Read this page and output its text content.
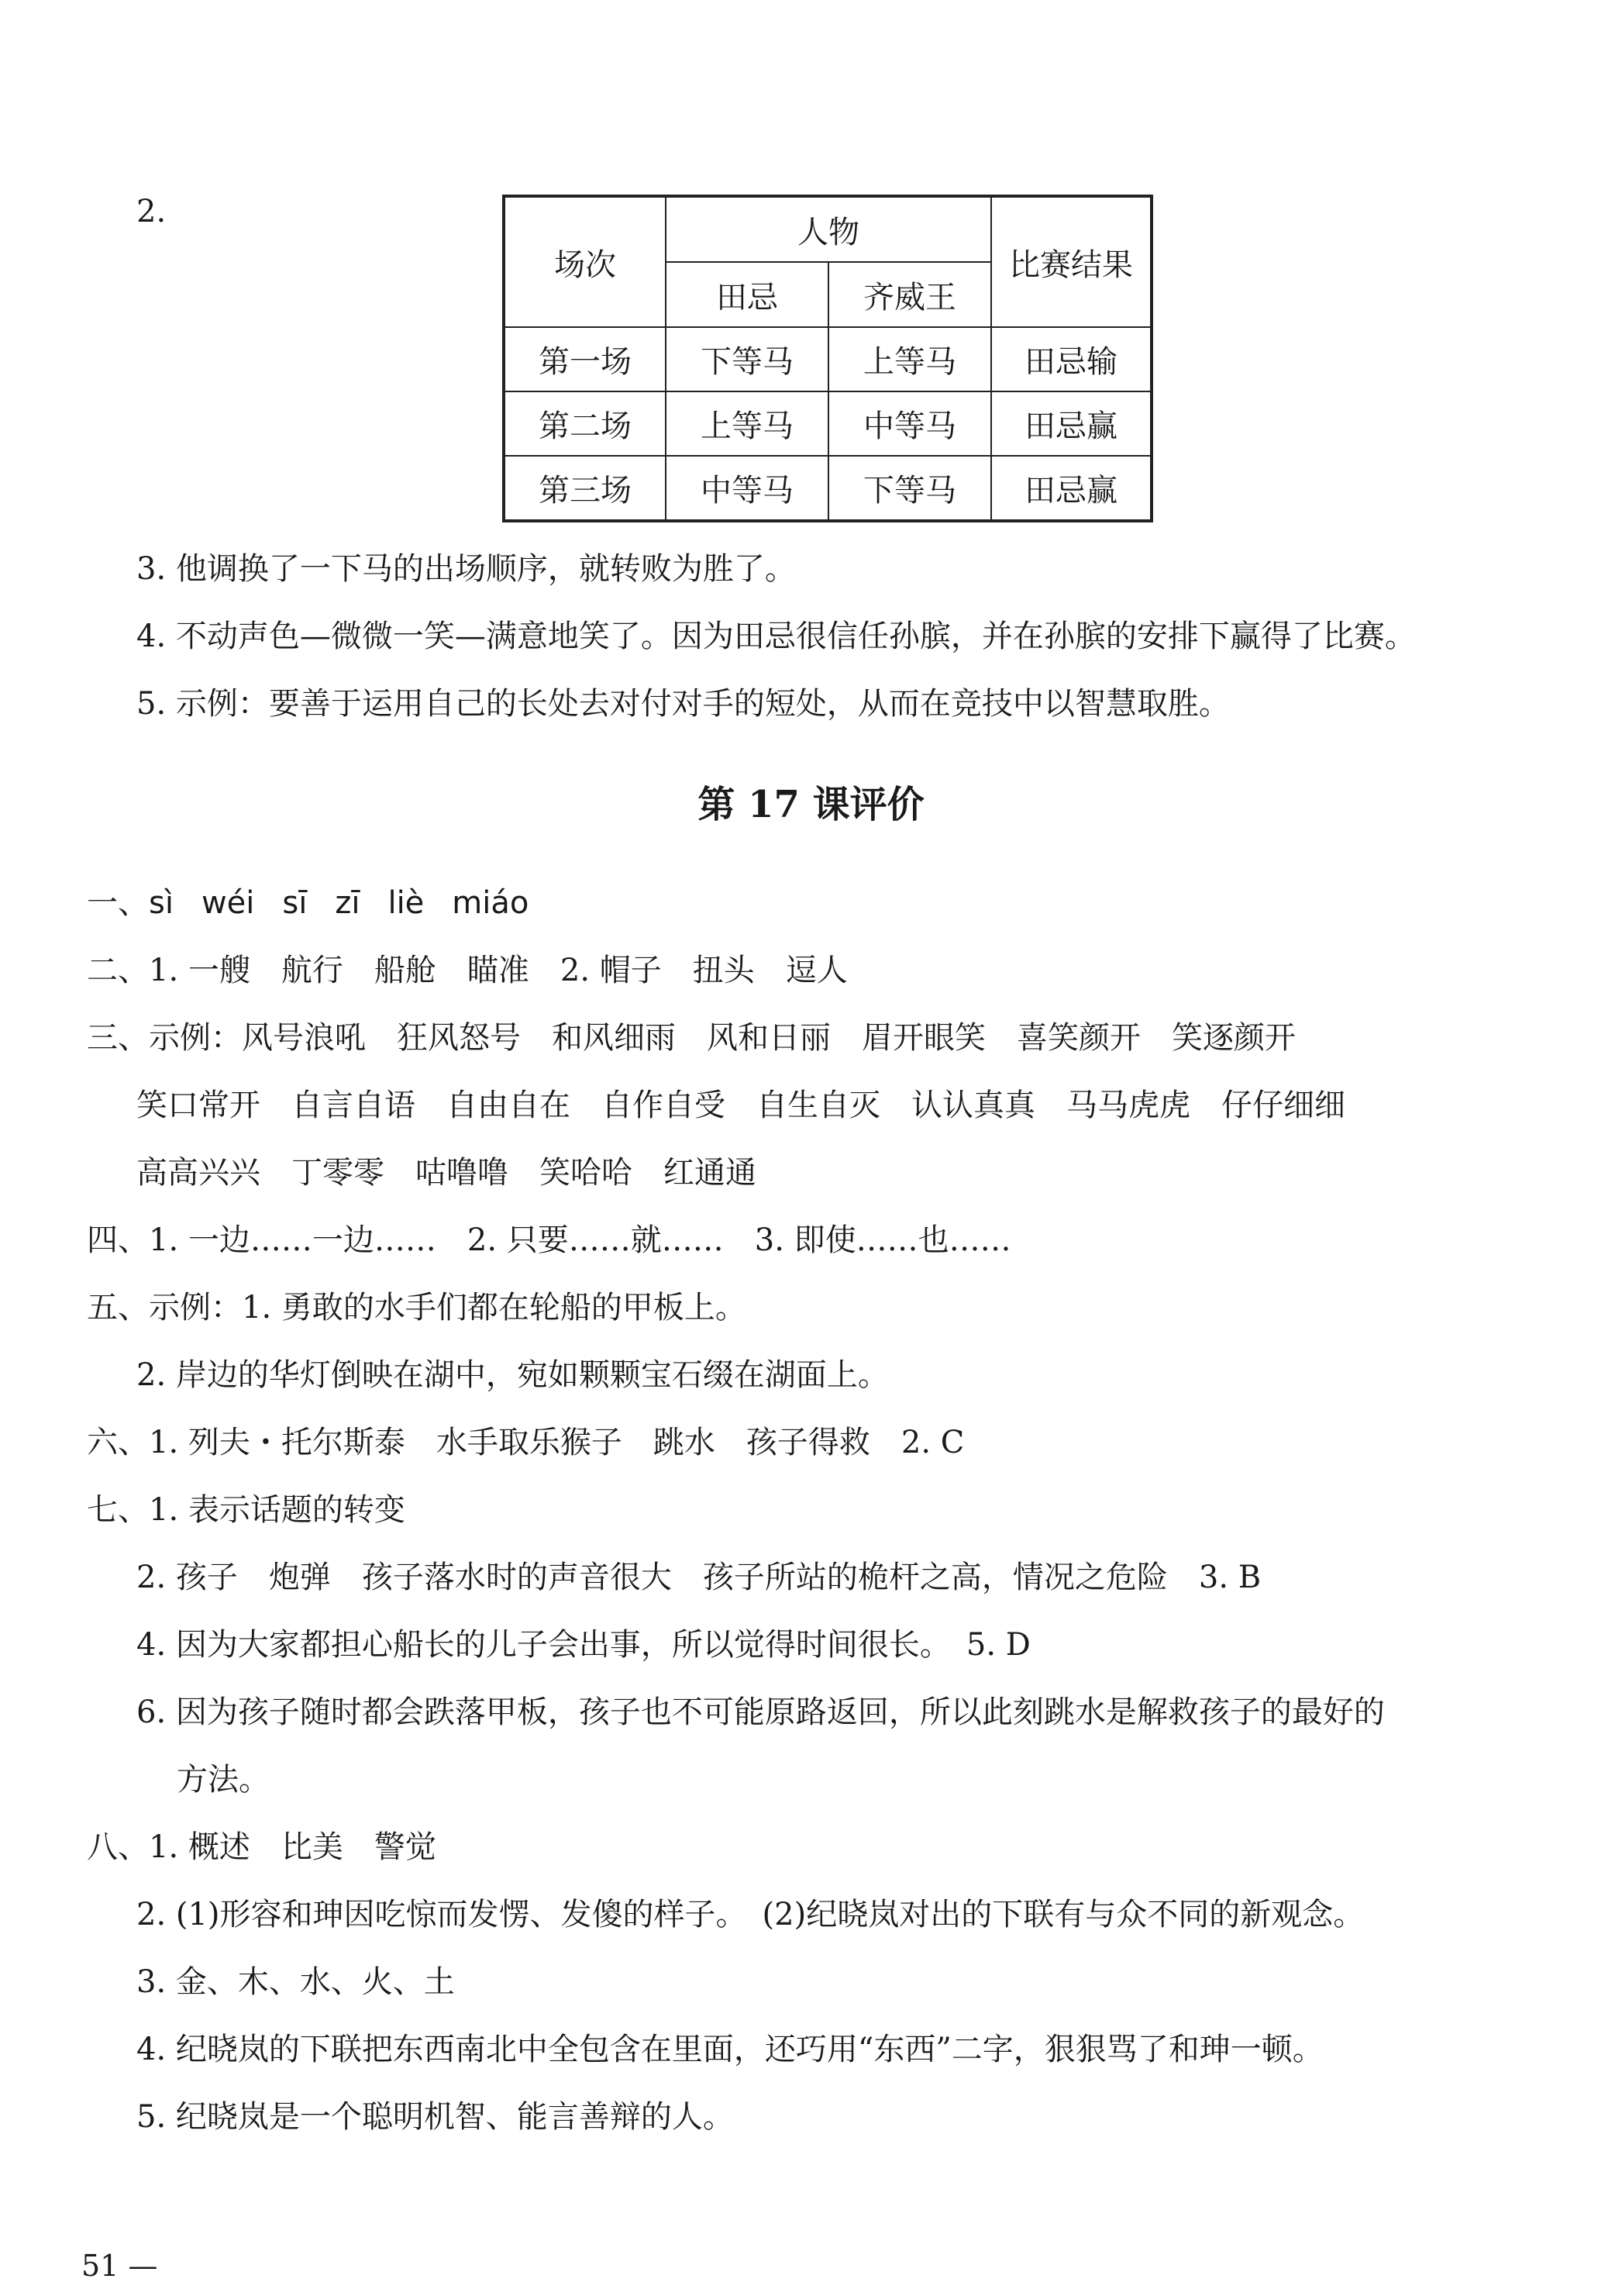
2.
场次	人物		比赛结果
	田忌	齐威王	
第一场	下等马	上等马	田忌输
第二场	上等马	中等马	田忌赢
第三场	中等马	下等马	田忌赢
3. 他调换了一下马的出场顺序，就转败为胜了。
4. 不动声色—微微一笑—满意地笑了。因为田忌很信任孙膑，并在孙膑的安排下赢得了比赛。
5. 示例：要善于运用自己的长处去对付对手的短处，从而在竞技中以智慧取胜。
第 17 课评价
一、sì wéi sī zī liè miáo
二、1. 一艘　航行　船舱　瞄准　2. 帽子　扭头　逗人
三、示例：风号浪吼　狂风怒号　和风细雨　风和日丽　眉开眼笑　喜笑颜开　笑逐颜开
笑口常开　自言自语　自由自在　自作自受　自生自灭　认认真真　马马虎虎　仔仔细细
高高兴兴　丁零零　咕噜噜　笑哈哈　红通通
四、1. 一边……一边……　2. 只要……就……　3. 即使……也……
五、示例：1. 勇敢的水手们都在轮船的甲板上。
2. 岸边的华灯倒映在湖中，宛如颗颗宝石缀在湖面上。
六、1. 列夫・托尔斯泰　水手取乐猴子　跳水　孩子得救　2. C
七、1. 表示话题的转变
2. 孩子　炮弹　孩子落水时的声音很大　孩子所站的桅杆之高，情况之危险　3. B
4. 因为大家都担心船长的儿子会出事，所以觉得时间很长。　5. D
6. 因为孩子随时都会跌落甲板，孩子也不可能原路返回，所以此刻跳水是解救孩子的最好的
方法。
八、1. 概述　比美　警觉
2. (1)形容和珅因吃惊而发愣、发傻的样子。　(2)纪晓岚对出的下联有与众不同的新观念。
3. 金、木、水、火、土
4. 纪晓岚的下联把东西南北中全包含在里面，还巧用“东西”二字，狠狠骂了和珅一顿。
5. 纪晓岚是一个聪明机智、能言善辩的人。
51 —
